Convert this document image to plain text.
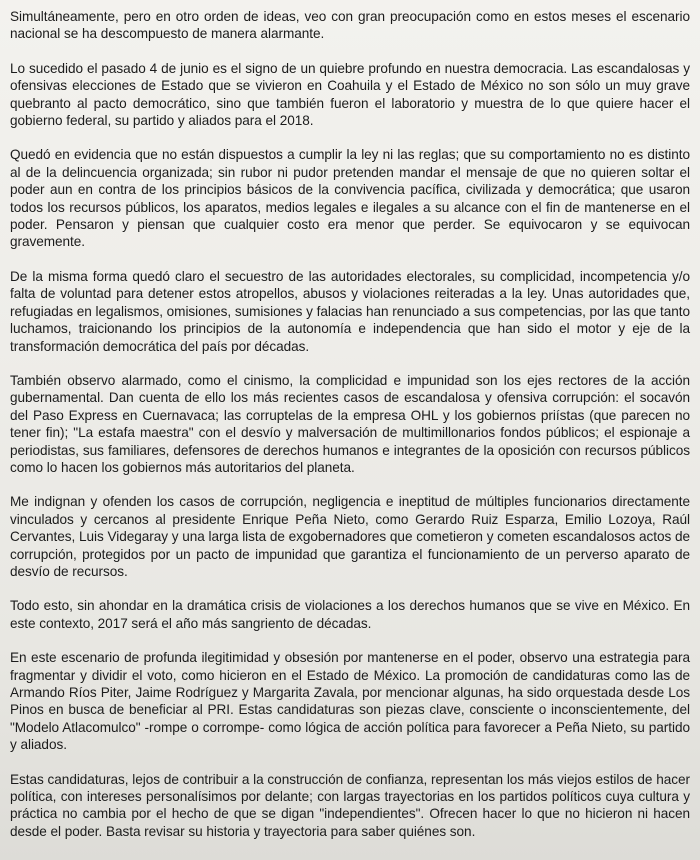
Simultáneamente, pero en otro orden de ideas, veo con gran preocupación como en estos meses el escenario nacional se ha descompuesto de manera alarmante.

Lo sucedido el pasado 4 de junio es el signo de un quiebre profundo en nuestra democracia. Las escandalosas y ofensivas elecciones de Estado que se vivieron en Coahuila y el Estado de México no son sólo un muy grave quebranto al pacto democrático, sino que también fueron el laboratorio y muestra de lo que quiere hacer el gobierno federal, su partido y aliados para el 2018.

Quedó en evidencia que no están dispuestos a cumplir la ley ni las reglas; que su comportamiento no es distinto al de la delincuencia organizada; sin rubor ni pudor pretenden mandar el mensaje de que no quieren soltar el poder aun en contra de los principios básicos de la convivencia pacífica, civilizada y democrática; que usaron todos los recursos públicos, los aparatos, medios legales e ilegales a su alcance con el fin de mantenerse en el poder. Pensaron y piensan que cualquier costo era menor que perder. Se equivocaron y se equivocan gravemente.

De la misma forma quedó claro el secuestro de las autoridades electorales, su complicidad, incompetencia y/o falta de voluntad para detener estos atropellos, abusos y violaciones reiteradas a la ley. Unas autoridades que, refugiadas en legalismos, omisiones, sumisiones y falacias han renunciado a sus competencias, por las que tanto luchamos, traicionando los principios de la autonomía e independencia que han sido el motor y eje de la transformación democrática del país por décadas.

También observo alarmado, como el cinismo, la complicidad e impunidad son los ejes rectores de la acción gubernamental. Dan cuenta de ello los más recientes casos de escandalosa y ofensiva corrupción: el socavón del Paso Express en Cuernavaca; las corruptelas de la empresa OHL y los gobiernos priístas (que parecen no tener fin); "La estafa maestra" con el desvío y malversación de multimillonarios fondos públicos; el espionaje a periodistas, sus familiares, defensores de derechos humanos e integrantes de la oposición con recursos públicos como lo hacen los gobiernos más autoritarios del planeta.

Me indignan y ofenden los casos de corrupción, negligencia e ineptitud de múltiples funcionarios directamente vinculados y cercanos al presidente Enrique Peña Nieto, como Gerardo Ruiz Esparza, Emilio Lozoya, Raúl Cervantes, Luis Videgaray y una larga lista de exgobernadores que cometieron y cometen escandalosos actos de corrupción, protegidos por un pacto de impunidad que garantiza el funcionamiento de un perverso aparato de desvío de recursos.

Todo esto, sin ahondar en la dramática crisis de violaciones a los derechos humanos que se vive en México. En este contexto, 2017 será el año más sangriento de décadas.

En este escenario de profunda ilegitimidad y obsesión por mantenerse en el poder, observo una estrategia para fragmentar y dividir el voto, como hicieron en el Estado de México. La promoción de candidaturas como las de Armando Ríos Piter, Jaime Rodríguez y Margarita Zavala, por mencionar algunas, ha sido orquestada desde Los Pinos en busca de beneficiar al PRI. Estas candidaturas son piezas clave, consciente o inconscientemente, del "Modelo Atlacomulco" -rompe o corrompe- como lógica de acción política para favorecer a Peña Nieto, su partido y aliados.

Estas candidaturas, lejos de contribuir a la construcción de confianza, representan los más viejos estilos de hacer política, con intereses personalísimos por delante; con largas trayectorias en los partidos políticos cuya cultura y práctica no cambia por el hecho de que se digan "independientes". Ofrecen hacer lo que no hicieron ni hacen desde el poder. Basta revisar su historia y trayectoria para saber quiénes son.
